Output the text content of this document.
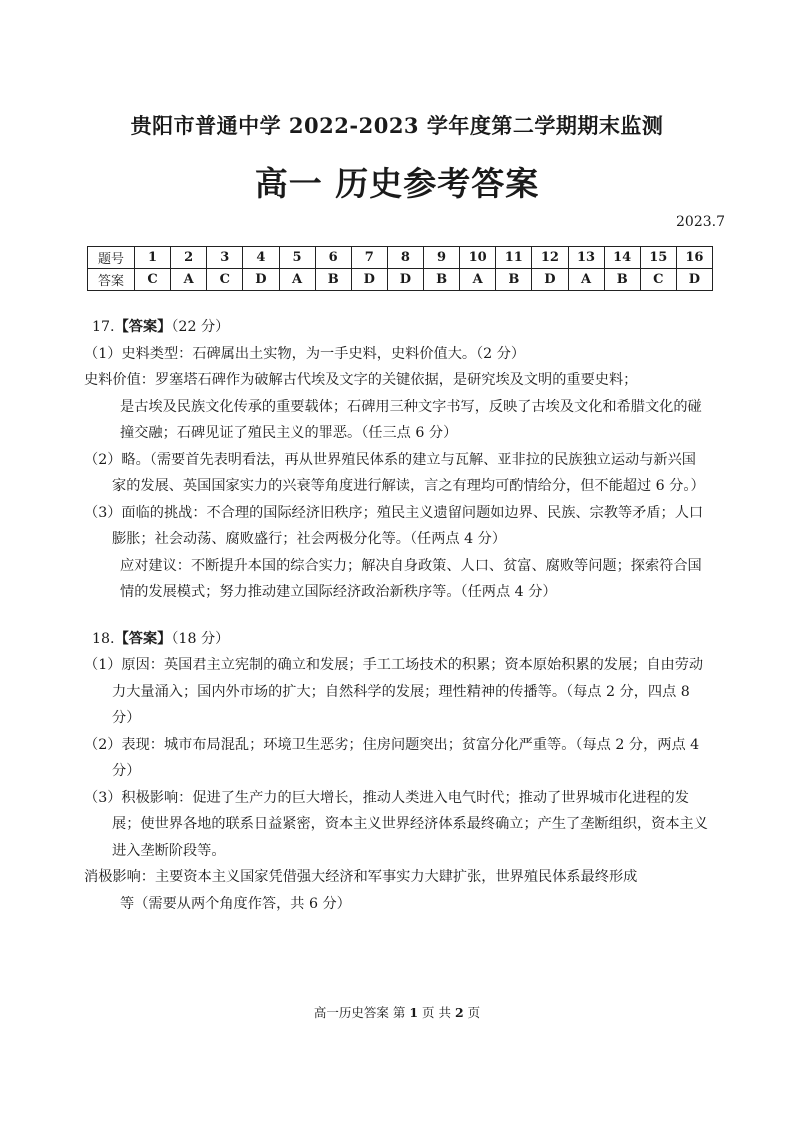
贵阳市普通中学 2022-2023 学年度第二学期期末监测
高一 历史参考答案
2023.7
题号	1	2	3	4	5	6	7	8	9	10	11	12	13	14	15	16
答案	C	A	C	D	A	B	D	D	B	A	B	D	A	B	C	D

17.【答案】（22 分）

（1）史料类型：石碑属出土实物，为一手史料，史料价值大。（2 分）

史料价值：罗塞塔石碑作为破解古代埃及文字的关键依据，是研究埃及文明的重要史料；

是古埃及民族文化传承的重要载体；石碑用三种文字书写，反映了古埃及文化和希腊文化的碰撞交融；石碑见证了殖民主义的罪恶。（任三点 6 分）

（2）略。（需要首先表明看法，再从世界殖民体系的建立与瓦解、亚非拉的民族独立运动与新兴国家的发展、英国国家实力的兴衰等角度进行解读，言之有理均可酌情给分，但不能超过 6 分。）

（3）面临的挑战：不合理的国际经济旧秩序；殖民主义遗留问题如边界、民族、宗教等矛盾；人口膨胀；社会动荡、腐败盛行；社会两极分化等。（任两点 4 分）

应对建议：不断提升本国的综合实力；解决自身政策、人口、贫富、腐败等问题；探索符合国情的发展模式；努力推动建立国际经济政治新秩序等。（任两点 4 分）

18.【答案】（18 分）

（1）原因：英国君主立宪制的确立和发展；手工工场技术的积累；资本原始积累的发展；自由劳动力大量涌入；国内外市场的扩大；自然科学的发展；理性精神的传播等。（每点 2 分，四点 8 分）

（2）表现：城市布局混乱；环境卫生恶劣；住房问题突出；贫富分化严重等。（每点 2 分，两点 4 分）

（3）积极影响：促进了生产力的巨大增长，推动人类进入电气时代；推动了世界城市化进程的发展；使世界各地的联系日益紧密，资本主义世界经济体系最终确立；产生了垄断组织，资本主义进入垄断阶段等。

消极影响：主要资本主义国家凭借强大经济和军事实力大肆扩张，世界殖民体系最终形成

等（需要从两个角度作答，共 6 分）

高一历史答案 第 1 页 共 2 页
